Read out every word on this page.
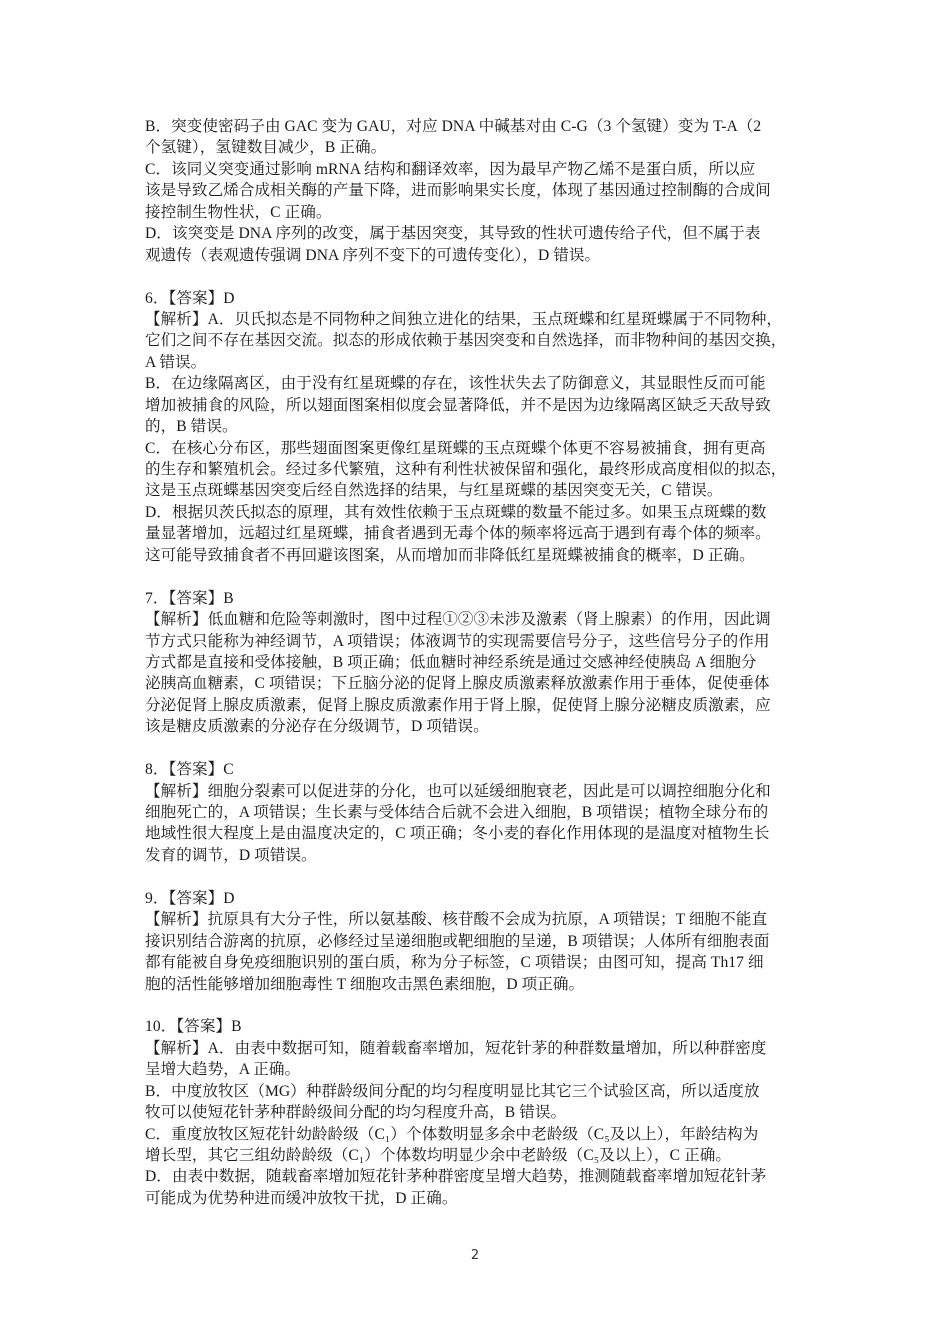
B．突变使密码子由 GAC 变为 GAU，对应 DNA 中碱基对由 C-G（3 个氢键）变为 T-A（2
个氢键），氢键数目减少，B 正确。
C．该同义突变通过影响 mRNA 结构和翻译效率，因为最早产物乙烯不是蛋白质，所以应
该是导致乙烯合成相关酶的产量下降，进而影响果实长度，体现了基因通过控制酶的合成间
接控制生物性状，C 正确。
D．该突变是 DNA 序列的改变，属于基因突变，其导致的性状可遗传给子代，但不属于表
观遗传（表观遗传强调 DNA 序列不变下的可遗传变化），D 错误。
6．【答案】D
【解析】A．贝氏拟态是不同物种之间独立进化的结果，玉点斑蝶和红星斑蝶属于不同物种，
它们之间不存在基因交流。拟态的形成依赖于基因突变和自然选择，而非物种间的基因交换，
A 错误。
B．在边缘隔离区，由于没有红星斑蝶的存在，该性状失去了防御意义，其显眼性反而可能
增加被捕食的风险，所以翅面图案相似度会显著降低，并不是因为边缘隔离区缺乏天敌导致
的，B 错误。
C．在核心分布区，那些翅面图案更像红星斑蝶的玉点斑蝶个体更不容易被捕食，拥有更高
的生存和繁殖机会。经过多代繁殖，这种有利性状被保留和强化，最终形成高度相似的拟态，
这是玉点斑蝶基因突变后经自然选择的结果，与红星斑蝶的基因突变无关，C 错误。
D．根据贝茨氏拟态的原理，其有效性依赖于玉点斑蝶的数量不能过多。如果玉点斑蝶的数
量显著增加，远超过红星斑蝶，捕食者遇到无毒个体的频率将远高于遇到有毒个体的频率。
这可能导致捕食者不再回避该图案，从而增加而非降低红星斑蝶被捕食的概率，D 正确。
7．【答案】B
【解析】低血糖和危险等刺激时，图中过程①②③未涉及激素（肾上腺素）的作用，因此调
节方式只能称为神经调节，A 项错误；体液调节的实现需要信号分子，这些信号分子的作用
方式都是直接和受体接触，B 项正确；低血糖时神经系统是通过交感神经使胰岛 A 细胞分
泌胰高血糖素，C 项错误；下丘脑分泌的促肾上腺皮质激素释放激素作用于垂体，促使垂体
分泌促肾上腺皮质激素，促肾上腺皮质激素作用于肾上腺，促使肾上腺分泌糖皮质激素，应
该是糖皮质激素的分泌存在分级调节，D 项错误。
8．【答案】C
【解析】细胞分裂素可以促进芽的分化，也可以延缓细胞衰老，因此是可以调控细胞分化和
细胞死亡的，A 项错误；生长素与受体结合后就不会进入细胞，B 项错误；植物全球分布的
地域性很大程度上是由温度决定的，C 项正确；冬小麦的春化作用体现的是温度对植物生长
发育的调节，D 项错误。
9．【答案】D
【解析】抗原具有大分子性，所以氨基酸、核苷酸不会成为抗原，A 项错误；T 细胞不能直
接识别结合游离的抗原，必修经过呈递细胞或靶细胞的呈递，B 项错误；人体所有细胞表面
都有能被自身免疫细胞识别的蛋白质，称为分子标签，C 项错误；由图可知，提高 Th17 细
胞的活性能够增加细胞毒性 T 细胞攻击黑色素细胞，D 项正确。
10．【答案】B
【解析】A．由表中数据可知，随着载畜率增加，短花针茅的种群数量增加，所以种群密度
呈增大趋势，A 正确。
B．中度放牧区（MG）种群龄级间分配的均匀程度明显比其它三个试验区高，所以适度放
牧可以使短花针茅种群龄级间分配的均匀程度升高，B 错误。
C．重度放牧区短花针幼龄龄级（C₁）个体数明显多余中老龄级（C₅及以上），年龄结构为
增长型，其它三组幼龄龄级（C₁）个体数均明显少余中老龄级（C₅及以上），C 正确。
D．由表中数据，随载畜率增加短花针茅种群密度呈增大趋势，推测随载畜率增加短花针茅
可能成为优势种进而缓冲放牧干扰，D 正确。
2
